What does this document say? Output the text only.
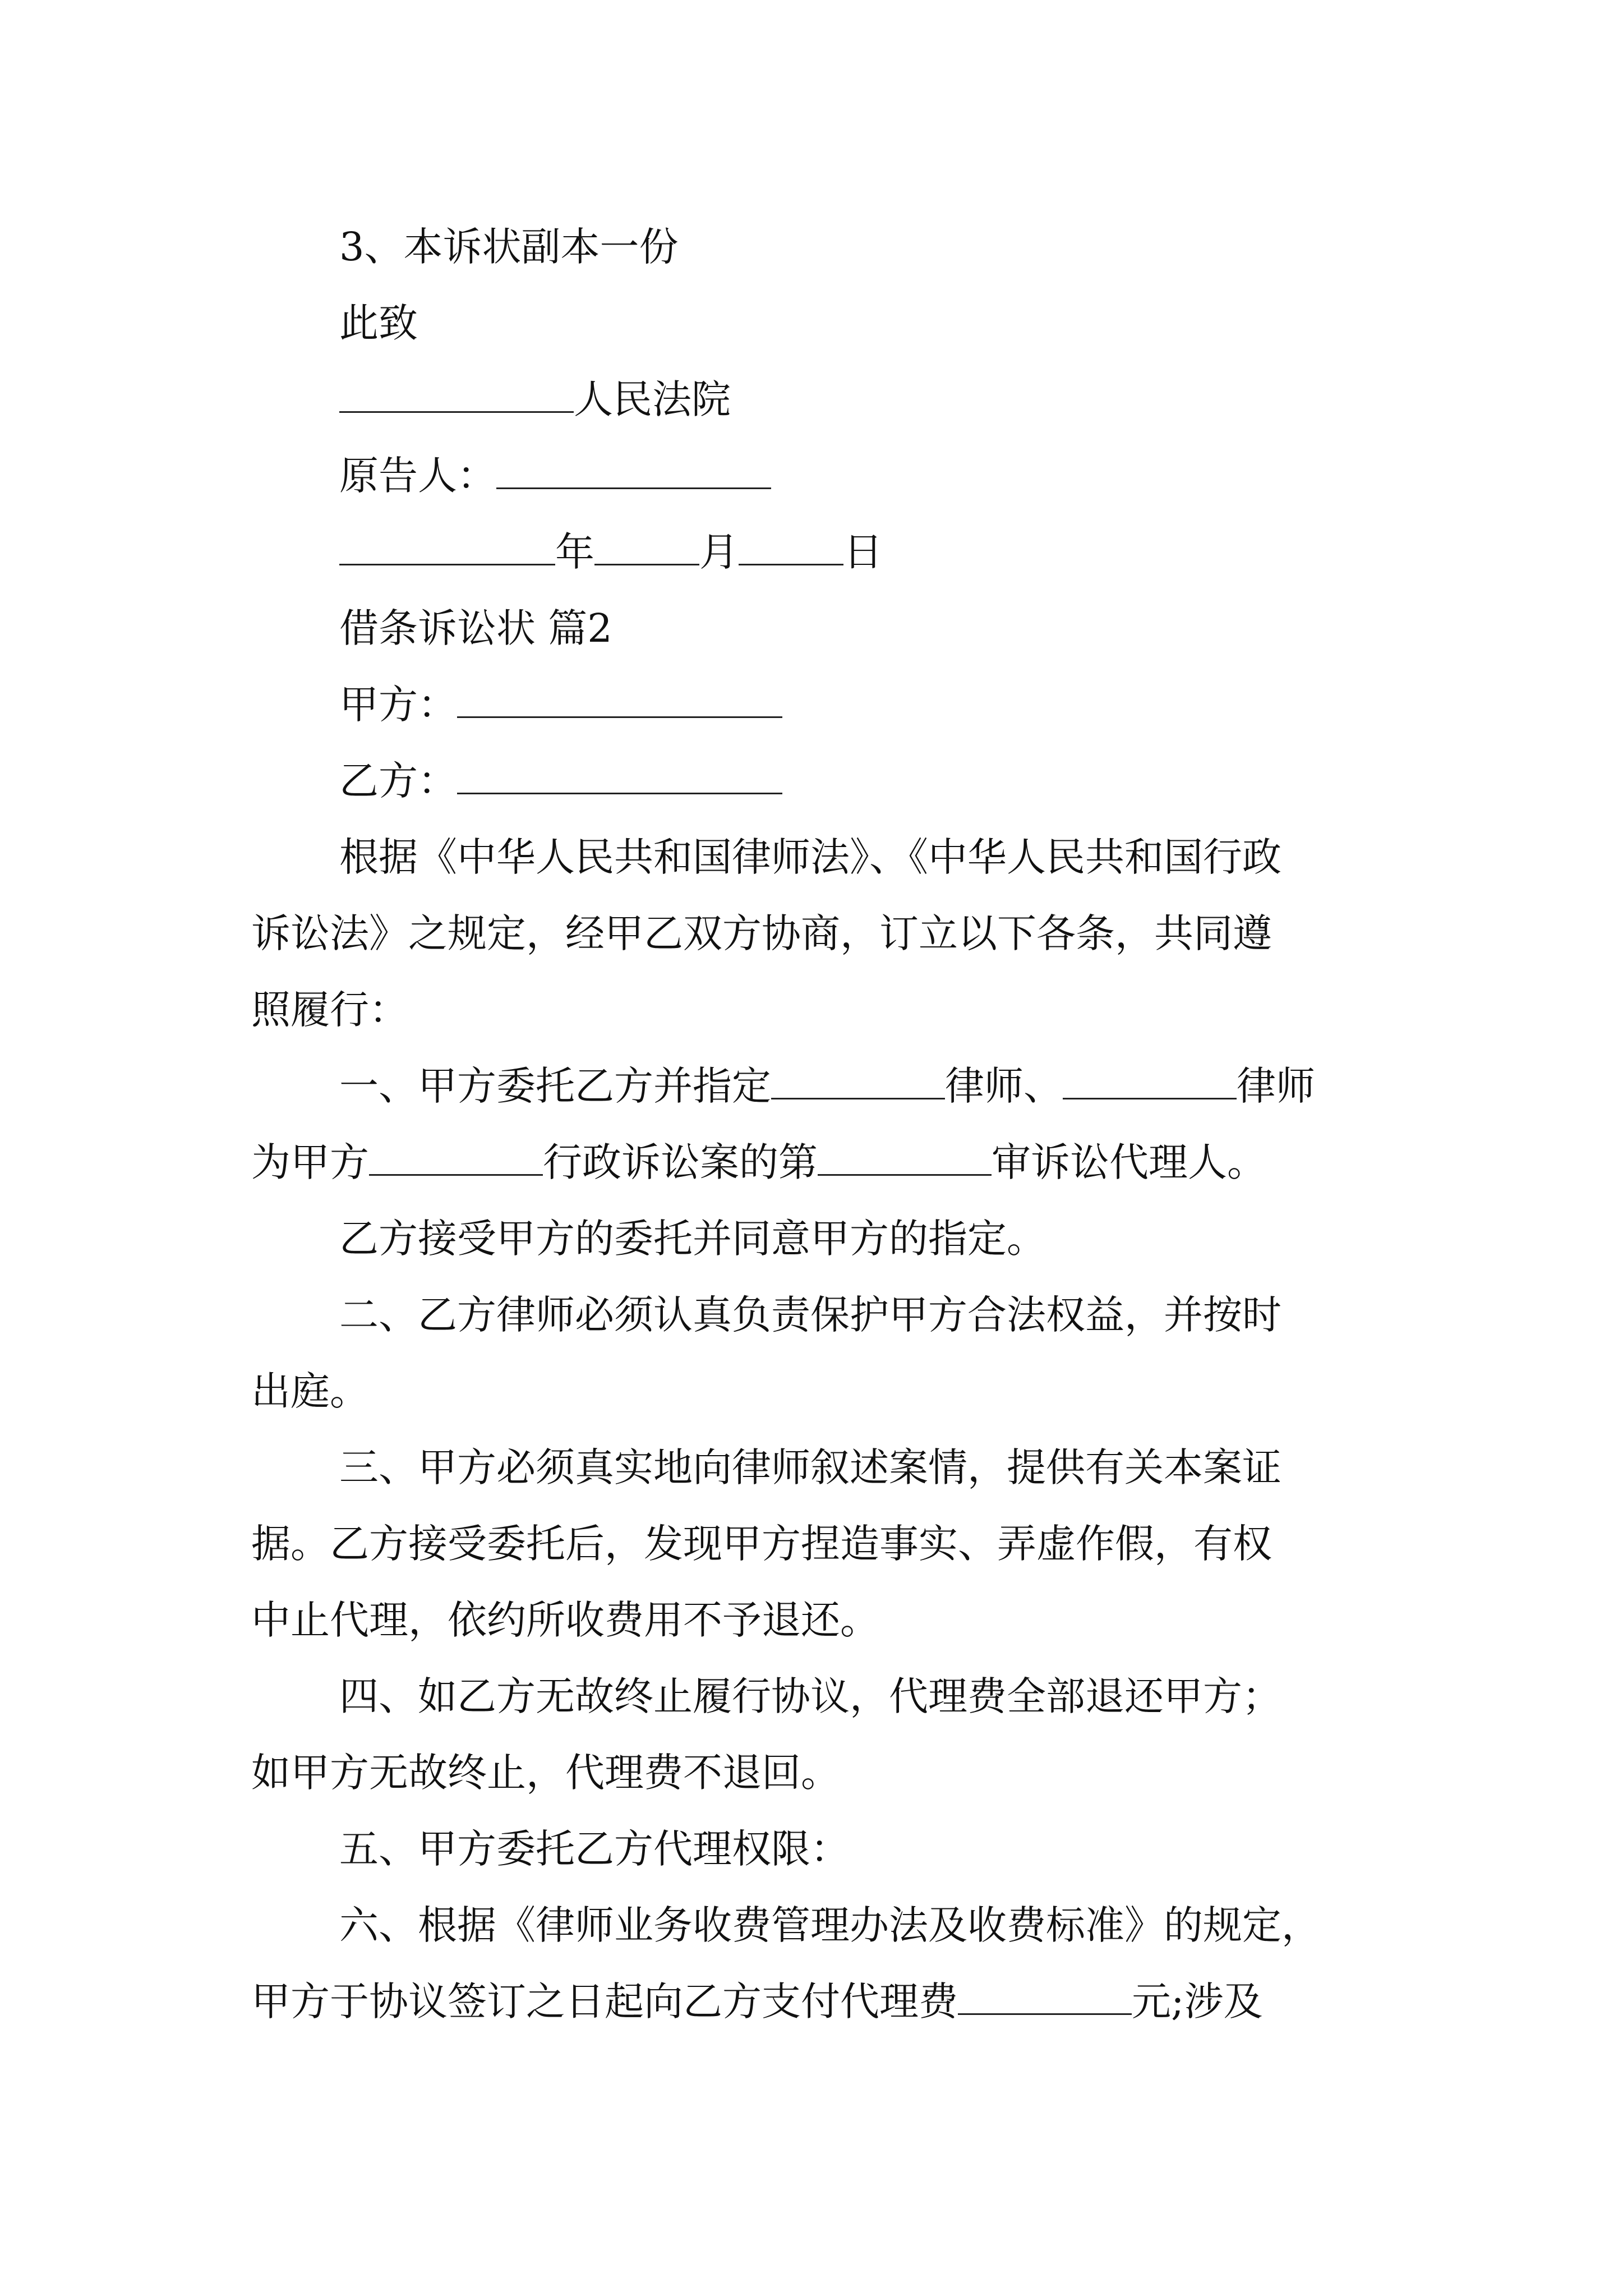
3、本诉状副本一份
此致
人民法院
原告人：
年	月	日
借条诉讼状 篇2
甲方：
乙方：
根据《中华人民共和国律师法》、《中华人民共和国行政
诉讼法》之规定，经甲乙双方协商，订立以下各条，共同遵
照履行：
一、甲方委托乙方并指定	律师、	律师
为甲方	行政诉讼案的第	审诉讼代理人。
乙方接受甲方的委托并同意甲方的指定。
二、乙方律师必须认真负责保护甲方合法权益，并按时
出庭。
三、甲方必须真实地向律师叙述案情，提供有关本案证
据。乙方接受委托后，发现甲方捏造事实、弄虚作假，有权
中止代理，依约所收费用不予退还。
四、如乙方无故终止履行协议，代理费全部退还甲方；
如甲方无故终止，代理费不退回。
五、甲方委托乙方代理权限：
六、根据《律师业务收费管理办法及收费标准》的规定，
甲方于协议签订之日起向乙方支付代理费	元;涉及
